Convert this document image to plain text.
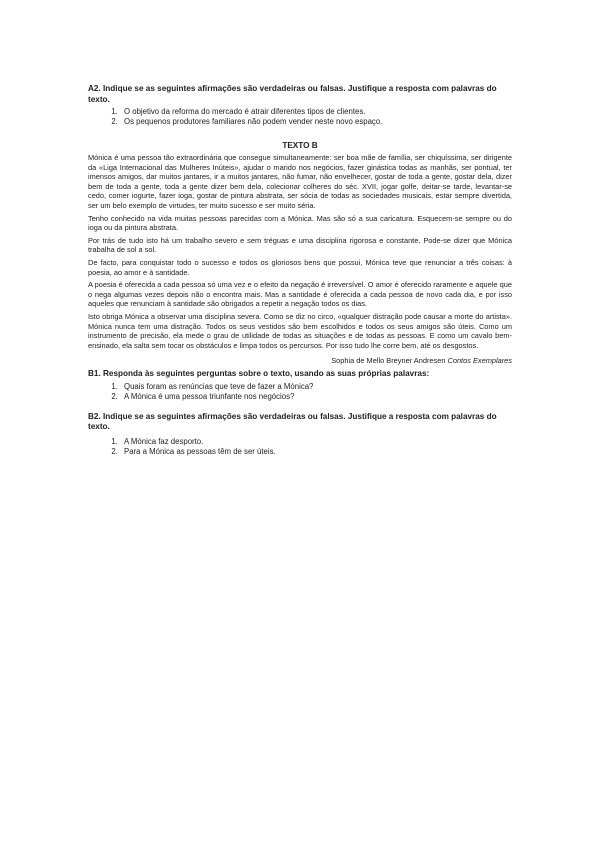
A2. Indique se as seguintes afirmações são verdadeiras ou falsas. Justifique a resposta com palavras do texto.
1. O objetivo da reforma do mercado é atrair diferentes tipos de clientes.
2. Os pequenos produtores familiares não podem vender neste novo espaço.
TEXTO B

Mónica é uma pessoa tão extraordinária que consegue simultaneamente: ser boa mãe de família, ser chiquíssima, ser dirigente da «Liga Internacional das Mulheres Inúteis», ajudar o marido nos negócios, fazer ginástica todas as manhãs, ser pontual, ter imensos amigos, dar muitos jantares, ir a muitos jantares, não fumar, não envelhecer, gostar de toda a gente, gostar dela, dizer bem de toda a gente, toda a gente dizer bem dela, colecionar colheres do séc. XVII, jogar golfe, deitar-se tarde, levantar-se cedo, comer iogurte, fazer ioga, gostar de pintura abstrata, ser sócia de todas as sociedades musicais, estar sempre divertida, ser um belo exemplo de virtudes, ter muito sucesso e ser muito séria.

Tenho conhecido na vida muitas pessoas parecidas com a Mónica. Mas são só a sua caricatura. Esquecem-se sempre ou do ioga ou da pintura abstrata.

Por trás de tudo isto há um trabalho severo e sem tréguas e uma disciplina rigorosa e constante. Pode-se dizer que Mónica trabalha de sol a sol.

De facto, para conquistar todo o sucesso e todos os gloriosos bens que possui, Mónica teve que renunciar a três coisas: à poesia, ao amor e à santidade.

A poesia é oferecida a cada pessoa só uma vez e o efeito da negação é irreversível. O amor é oferecido raramente e aquele que o nega algumas vezes depois não o encontra mais. Mas a santidade é oferecida a cada pessoa de novo cada dia, e por isso aqueles que renunciam à santidade são obrigados a repetir a negação todos os dias.

Isto obriga Mónica a observar uma disciplina severa. Como se diz no circo, «qualquer distração pode causar a morte do artista». Mónica nunca tem uma distração. Todos os seus vestidos são bem escolhidos e todos os seus amigos são úteis. Como um instrumento de precisão, ela mede o grau de utilidade de todas as situações e de todas as pessoas. E como um cavalo bem-ensinado, ela salta sem tocar os obstáculos e limpa todos os percursos. Por isso tudo lhe corre bem, até os desgostos.

Sophia de Mello Breyner Andresen Contos Exemplares
B1. Responda às seguintes perguntas sobre o texto, usando as suas próprias palavras:
1. Quais foram as renúncias que teve de fazer a Mónica?
2. A Mónica é uma pessoa triunfante nos negócios?
B2. Indique se as seguintes afirmações são verdadeiras ou falsas. Justifique a resposta com palavras do texto.
1. A Mónica faz desporto.
2. Para a Mónica as pessoas têm de ser úteis.
